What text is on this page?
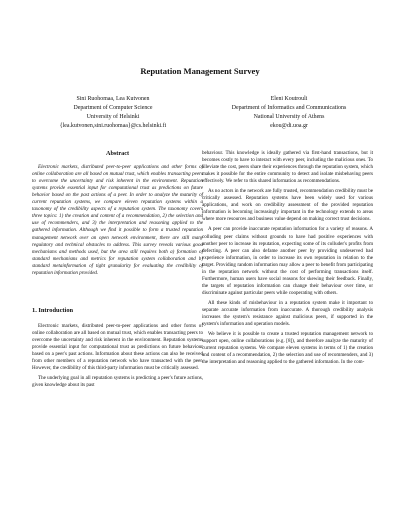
Reputation Management Survey
Sini Ruohomaa, Lea Kutvonen
Department of Computer Science
University of Helsinki
{lea.kutvonen,sini.ruohomaa}@cs.helsinki.fi
Eleni Koutrouli
Department of Informatics and Communications
National University of Athens
ekou@di.uoa.gr
Abstract

Electronic markets, distributed peer-to-peer applications and other forms of online collaboration are all based on mutual trust, which enables transacting peers to overcome the uncertainty and risk inherent in the environment. Reputation systems provide essential input for computational trust as predictions on future behavior based on the past actions of a peer. In order to analyze the maturity of current reputation systems, we compare eleven reputation systems within a taxonomy of the credibility aspects of a reputation system. The taxonomy covers three topics: 1) the creation and content of a recommendation, 2) the selection and use of recommenders, and 3) the interpretation and reasoning applied to the gathered information. Although we find it possible to form a trusted reputation management network over an open network environment, there are still many regulatory and technical obstacles to address. This survey reveals various good mechanisms and methods used, but the area still requires both a) formation of standard mechanisms and metrics for reputation system collaboration and b) standard metainformation of tight granularity for evaluating the credibility of reputation information provided.

1. Introduction

Electronic markets, distributed peer-to-peer applications and other forms of online collaboration are all based on mutual trust, which enables transacting peers to overcome the uncertainty and risk inherent in the environment. Reputation systems provide essential input for computational trust as predictions on future behaviour based on a peer's past actions. Information about these actions can also be received from other members of a reputation network who have transacted with the peer. However, the credibility of this third-party information must be critically assessed.

The underlying goal in all reputation systems is predicting a peer's future actions, given knowledge about its past

behaviour. This knowledge is ideally gathered via first-hand transactions, but it becomes costly to have to interact with every peer, including the malicious ones. To alleviate the cost, peers share their experiences through the reputation system, which makes it possible for the entire community to detect and isolate misbehaving peers effectively. We refer to this shared information as recommendations.

As no actors in the network are fully trusted, recommendation credibility must be critically assessed. Reputation systems have been widely used for various applications, and work on credibility assessment of the provided reputation information is becoming increasingly important in the technology extends to areas where more resources and business value depend on making correct trust decisions.

A peer can provide inaccurate reputation information for a variety of reasons. A colluding peer claims without grounds to have had positive experiences with another peer to increase its reputation, expecting some of its colluder's profits from defecting. A peer can also defame another peer by providing undeserved bad experience information, in order to increase its own reputation in relation to the target. Providing random information may allow a peer to benefit from participating in the reputation network without the cost of performing transactions itself. Furthermore, human users have social reasons for skewing their feedback. Finally, the targets of reputation information can change their behaviour over time, or discriminate against particular peers while cooperating with others.

All these kinds of misbehaviour in a reputation system make it important to separate accurate information from inaccurate. A thorough credibility analysis increases the system's resistance against malicious peers, if supported in the system's information and operation models.

We believe it is possible to create a trusted reputation management network to support open, online collaborations (e.g. [8]), and therefore analyze the maturity of current reputation systems. We compare eleven systems in terms of 1) the creation and content of a recommendation, 2) the selection and use of recommenders, and 3) the interpretation and reasoning applied to the gathered information. In the com-
